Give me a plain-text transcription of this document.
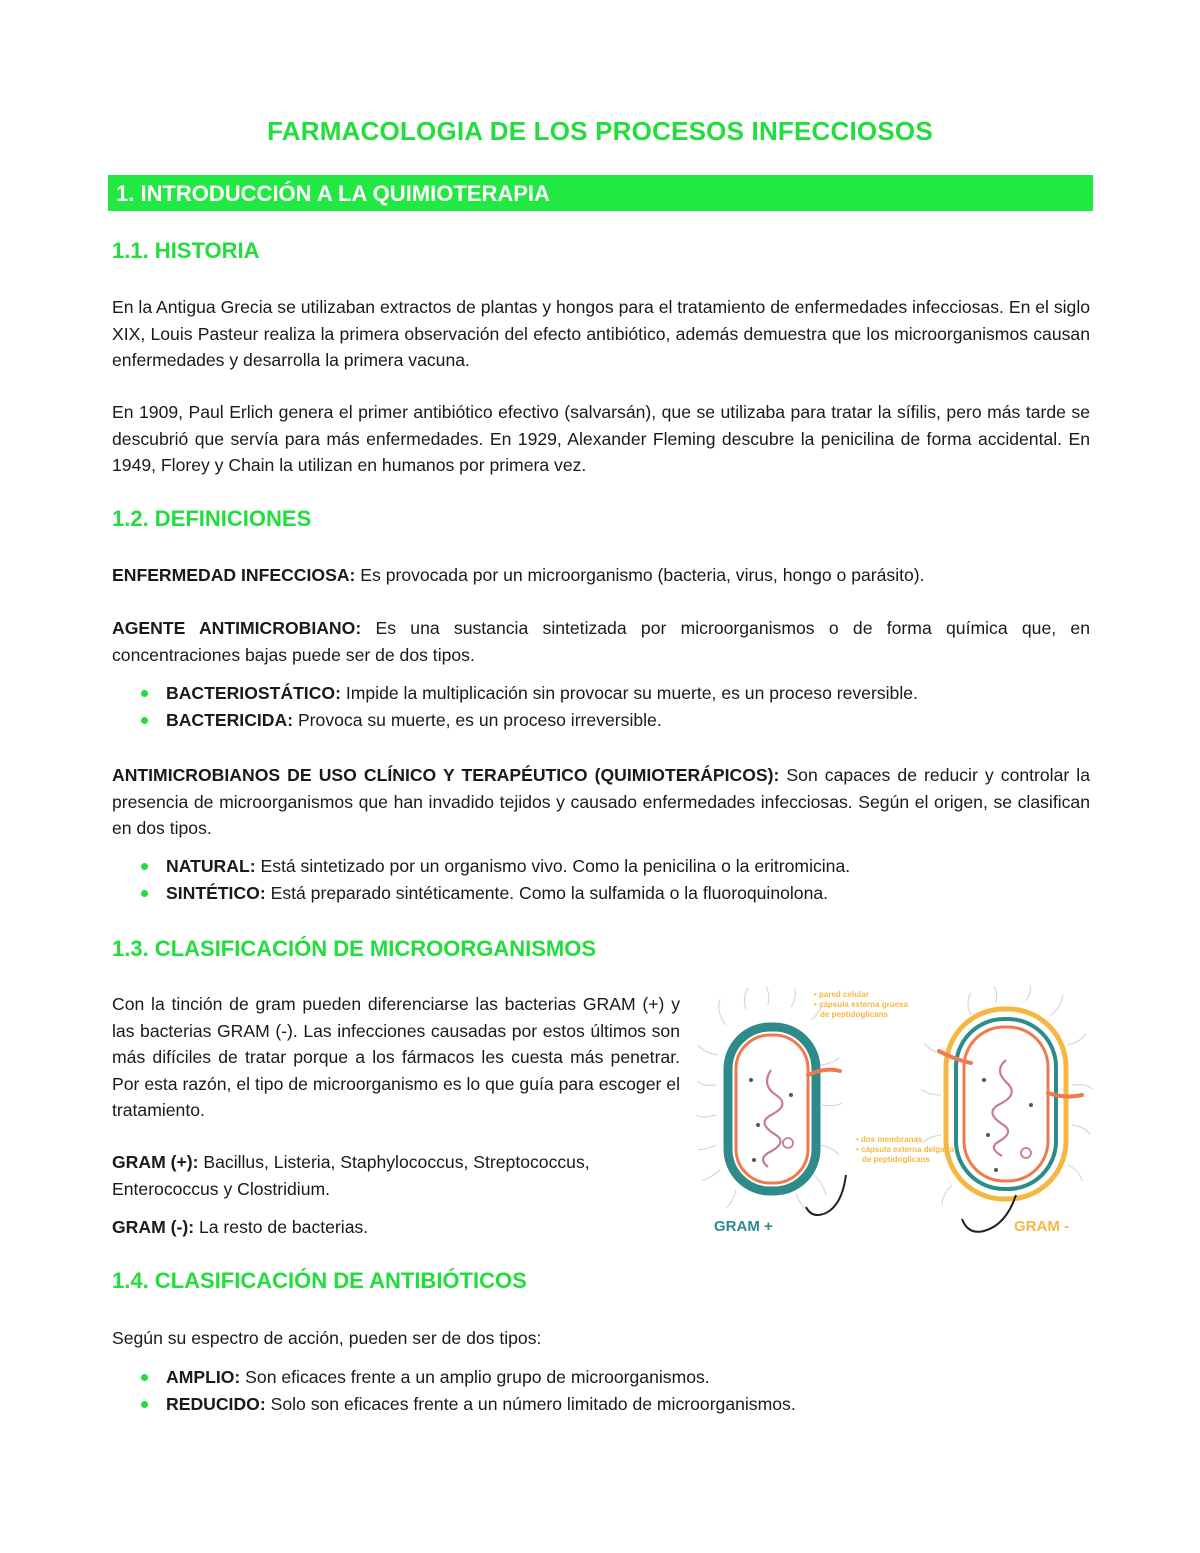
FARMACOLOGIA DE LOS PROCESOS INFECCIOSOS
1. INTRODUCCIÓN A LA QUIMIOTERAPIA
1.1. HISTORIA

En la Antigua Grecia se utilizaban extractos de plantas y hongos para el tratamiento de enfermedades infecciosas. En el siglo XIX, Louis Pasteur realiza la primera observación del efecto antibiótico, además demuestra que los microorganismos causan enfermedades y desarrolla la primera vacuna.

En 1909, Paul Erlich genera el primer antibiótico efectivo (salvarsán), que se utilizaba para tratar la sífilis, pero más tarde se descubrió que servía para más enfermedades. En 1929, Alexander Fleming descubre la penicilina de forma accidental. En 1949, Florey y Chain la utilizan en humanos por primera vez.

1.2. DEFINICIONES

ENFERMEDAD INFECCIOSA: Es provocada por un microorganismo (bacteria, virus, hongo o parásito).

AGENTE ANTIMICROBIANO: Es una sustancia sintetizada por microorganismos o de forma química que, en concentraciones bajas puede ser de dos tipos.

BACTERIOSTÁTICO: Impide la multiplicación sin provocar su muerte, es un proceso reversible.
BACTERICIDA: Provoca su muerte, es un proceso irreversible.

ANTIMICROBIANOS DE USO CLÍNICO Y TERAPÉUTICO (QUIMIOTERÁPICOS): Son capaces de reducir y controlar la presencia de microorganismos que han invadido tejidos y causado enfermedades infecciosas. Según el origen, se clasifican en dos tipos.

NATURAL: Está sintetizado por un organismo vivo. Como la penicilina o la eritromicina.
SINTÉTICO: Está preparado sintéticamente. Como la sulfamida o la fluoroquinolona.
1.3. CLASIFICACIÓN DE MICROORGANISMOS

Con la tinción de gram pueden diferenciarse las bacterias GRAM (+) y las bacterias GRAM (-). Las infecciones causadas por estos últimos son más difíciles de tratar porque a los fármacos les cuesta más penetrar. Por esta razón, el tipo de microorganismo es lo que guía para escoger el tratamiento.

GRAM (+): Bacillus, Listeria, Staphylococcus, Streptococcus, Enterococcus y Clostridium.

GRAM (-): La resto de bacterias.

• pared celular
• cápsula externa gruesa
de peptidoglicans
• dos membranas
• cápsula externa delgada
de peptidoglicans
GRAM +	GRAM -
1.4. CLASIFICACIÓN DE ANTIBIÓTICOS

Según su espectro de acción, pueden ser de dos tipos:

AMPLIO: Son eficaces frente a un amplio grupo de microorganismos.
REDUCIDO: Solo son eficaces frente a un número limitado de microorganismos.
